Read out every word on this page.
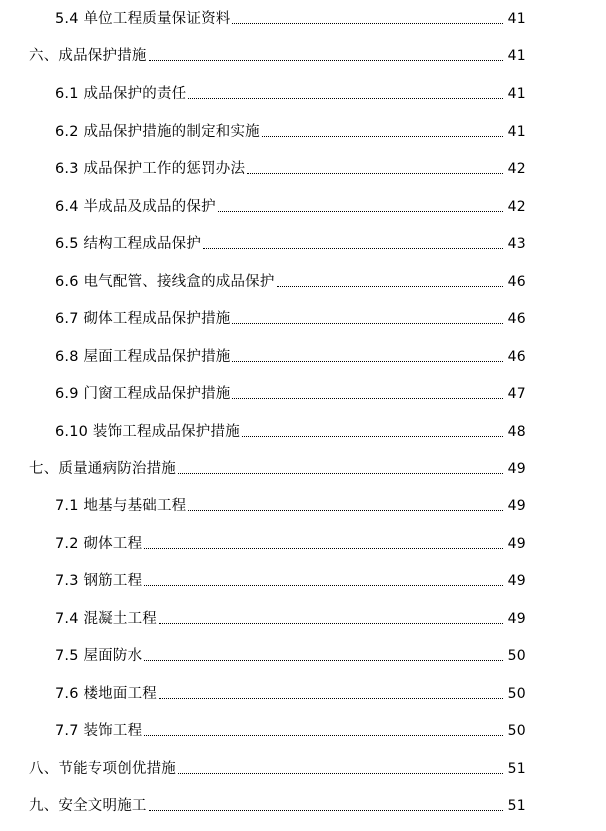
5.4 单位工程质量保证资料	41
六、成品保护措施	41
6.1 成品保护的责任	41
6.2 成品保护措施的制定和实施	41
6.3 成品保护工作的惩罚办法	42
6.4 半成品及成品的保护	42
6.5 结构工程成品保护	43
6.6 电气配管、接线盒的成品保护	46
6.7 砌体工程成品保护措施	46
6.8 屋面工程成品保护措施	46
6.9 门窗工程成品保护措施	47
6.10 装饰工程成品保护措施	48
七、质量通病防治措施	49
7.1 地基与基础工程	49
7.2 砌体工程	49
7.3 钢筋工程	49
7.4 混凝土工程	49
7.5 屋面防水	50
7.6 楼地面工程	50
7.7 装饰工程	50
八、节能专项创优措施	51
九、安全文明施工	51
